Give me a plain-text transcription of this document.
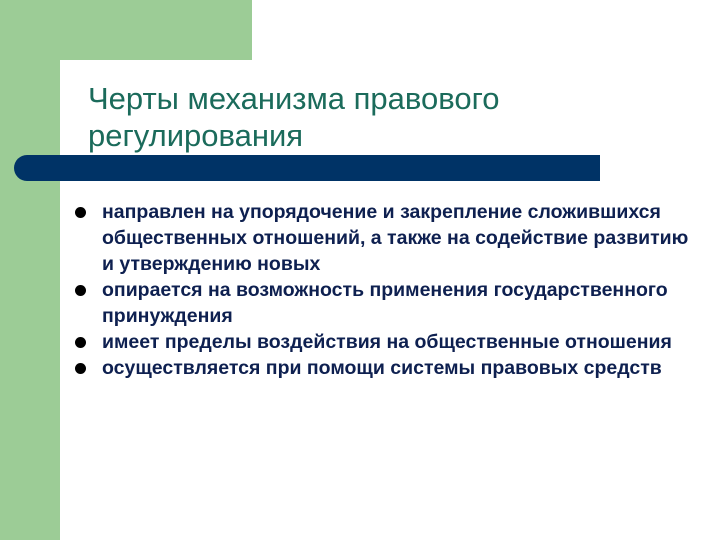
Черты механизма правового
регулирования
направлен на упорядочение и закрепление сложившихся общественных отношений, а также на содействие развитию и утверждению новых
опирается на возможность применения государственного принуждения
имеет пределы воздействия на общественные отношения
осуществляется при помощи системы правовых средств
